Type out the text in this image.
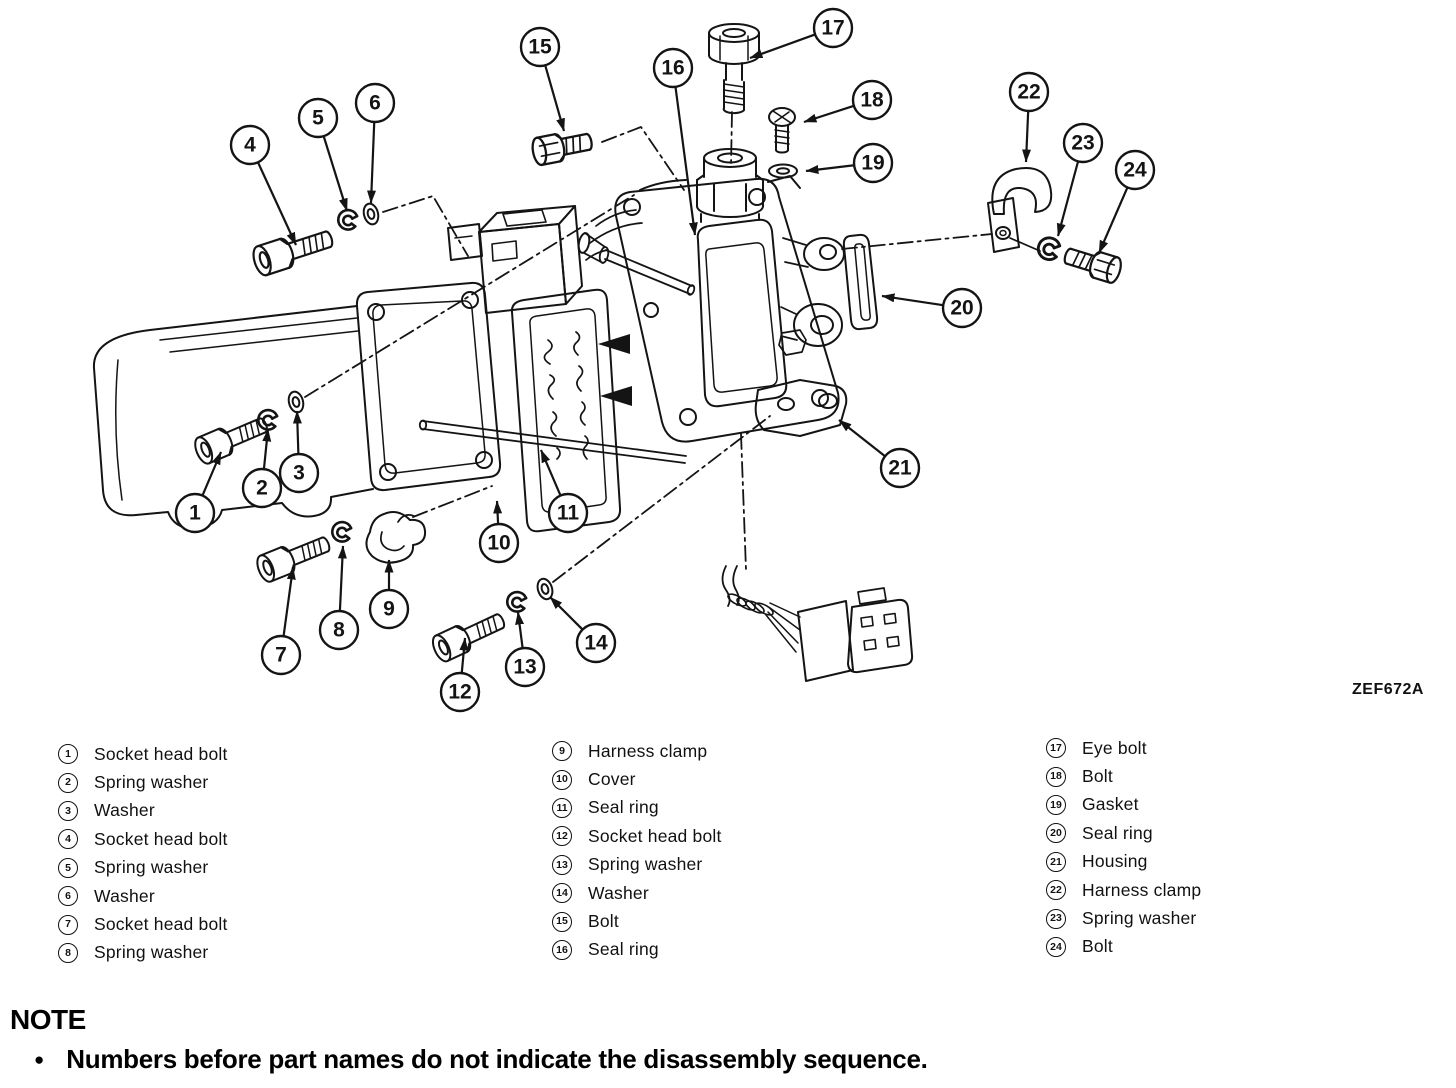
1
2
3
4
5
6
7
8
9
10
11
12
13
14
15
16
17
18
19
20
21
22
23
24
ZEF672A
1	Socket head bolt
2	Spring washer
3	Washer
4	Socket head bolt
5	Spring washer
6	Washer
7	Socket head bolt
8	Spring washer
9	Harness clamp
10 Cover
11 Seal ring
12 Socket head bolt
13 Spring washer
14 Washer
15 Bolt
16 Seal ring
17 Eye bolt
18 Bolt
19 Gasket
20 Seal ring
21 Housing
22 Harness clamp
23 Spring washer
24 Bolt
NOTE
● Numbers before part names do not indicate the disassembly sequence.
